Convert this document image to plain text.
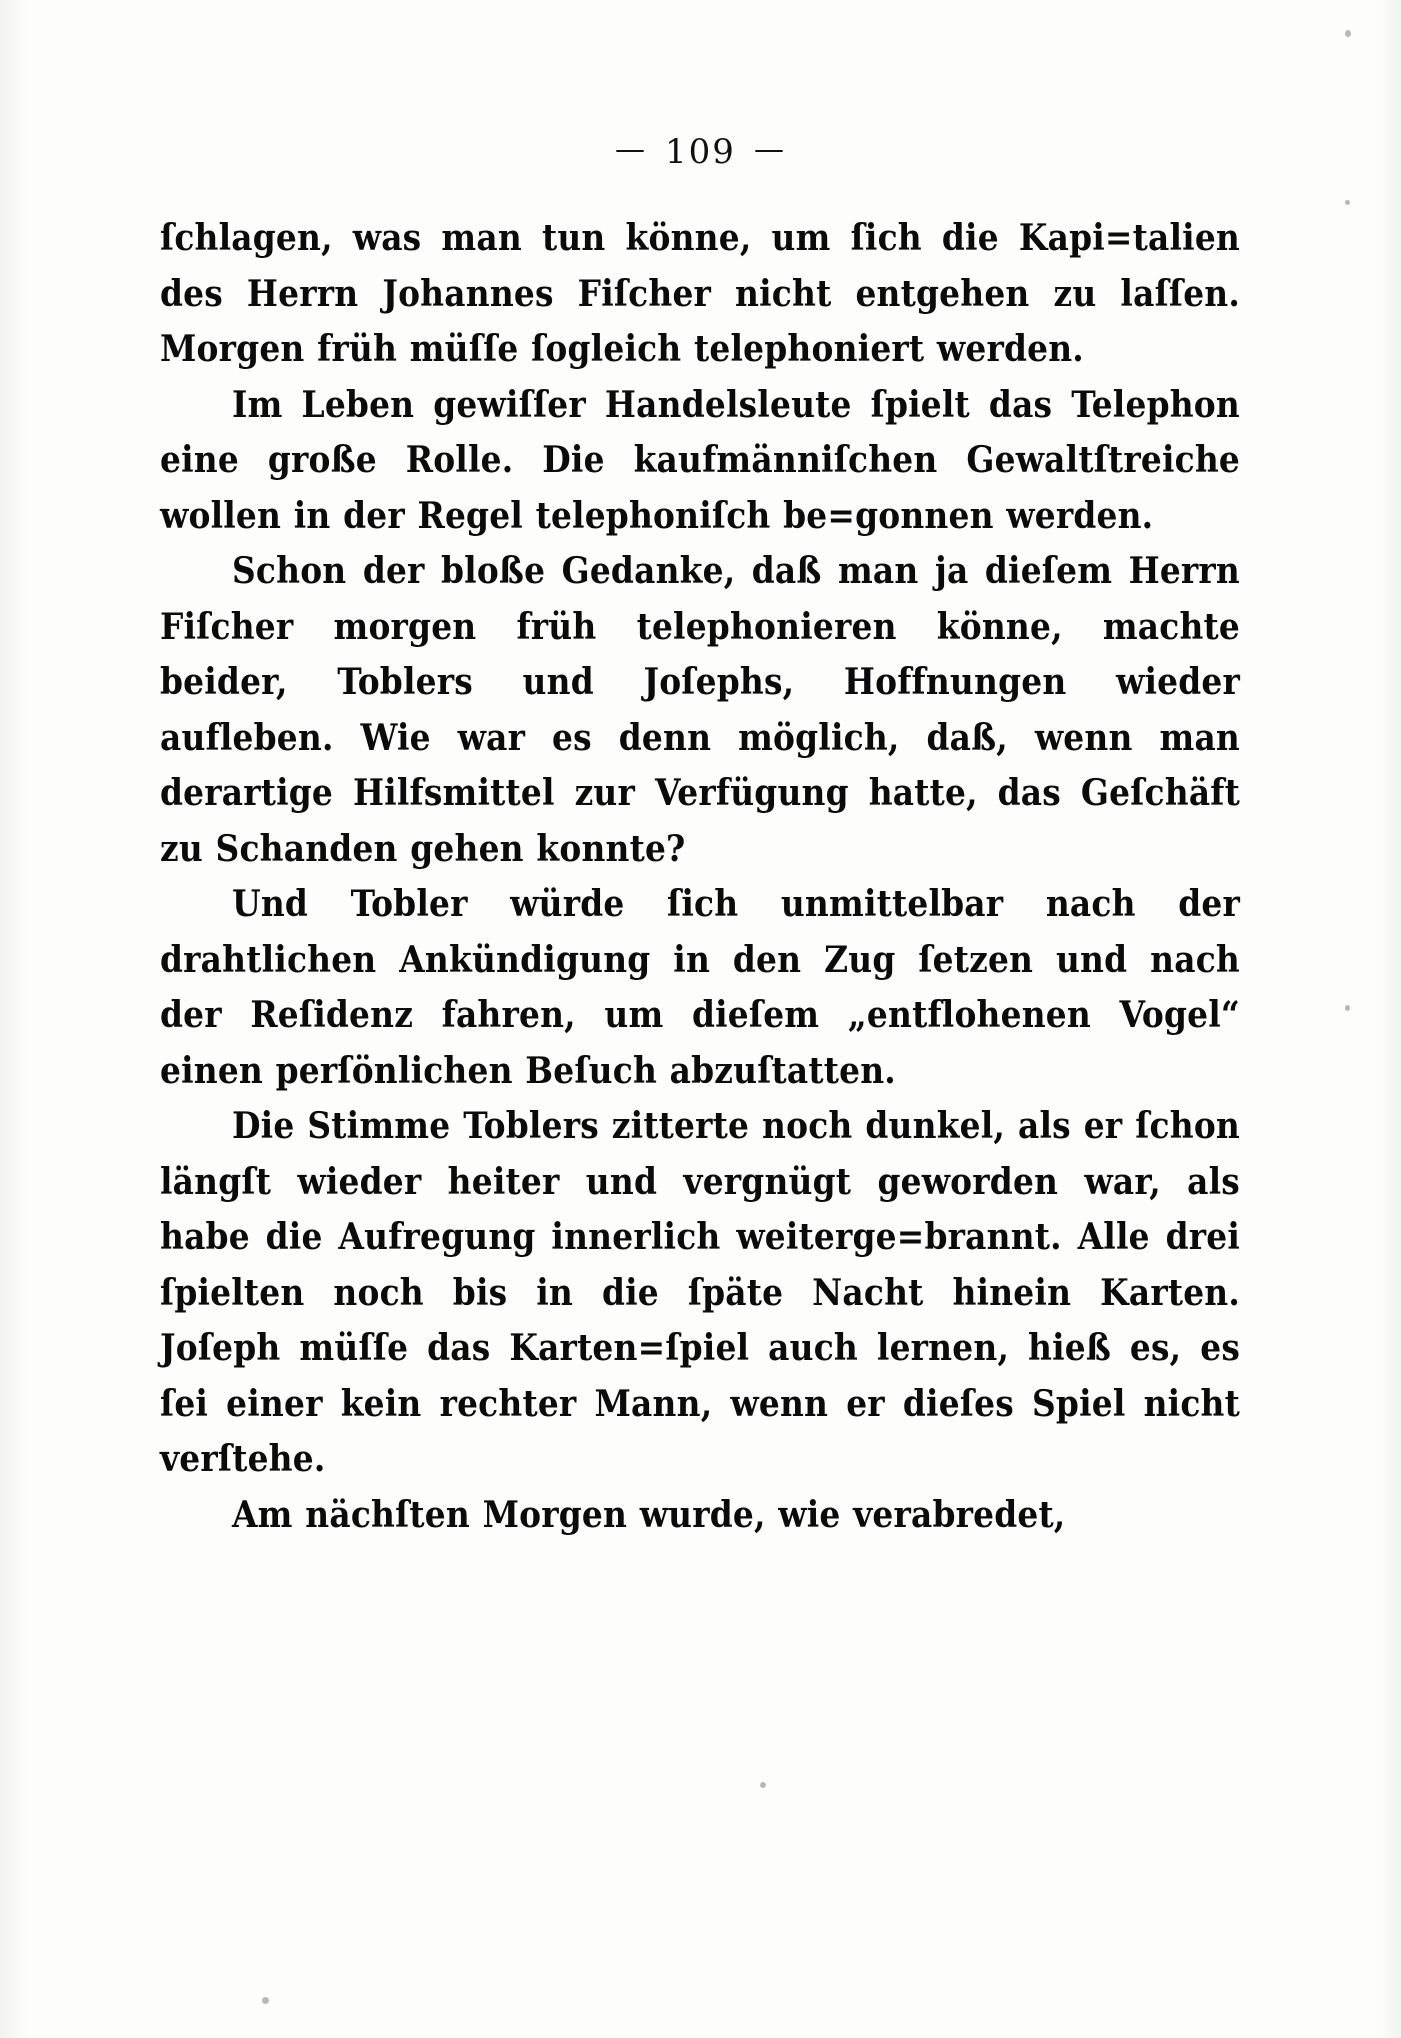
— 109 —

ſchlagen, was man tun könne, um ſich die Kapi=talien des Herrn Johannes Fiſcher nicht entgehen zu laſſen. Morgen früh müſſe ſogleich telephoniert werden.

Im Leben gewiſſer Handelsleute ſpielt das Telephon eine große Rolle. Die kaufmänniſchen Gewaltſtreiche wollen in der Regel telephoniſch be=gonnen werden.

Schon der bloße Gedanke, daß man ja dieſem Herrn Fiſcher morgen früh telephonieren könne, machte beider, Toblers und Joſephs, Hoffnungen wieder aufleben. Wie war es denn möglich, daß, wenn man derartige Hilfsmittel zur Verfügung hatte, das Geſchäft zu Schanden gehen konnte?

Und Tobler würde ſich unmittelbar nach der drahtlichen Ankündigung in den Zug ſetzen und nach der Reſidenz fahren, um dieſem „entflohenen Vogel“ einen perſönlichen Beſuch abzuſtatten.

Die Stimme Toblers zitterte noch dunkel, als er ſchon längſt wieder heiter und vergnügt geworden war, als habe die Aufregung innerlich weiterge=brannt. Alle drei ſpielten noch bis in die ſpäte Nacht hinein Karten. Joſeph müſſe das Karten=ſpiel auch lernen, hieß es, es ſei einer kein rechter Mann, wenn er dieſes Spiel nicht verſtehe.

Am nächſten Morgen wurde, wie verabredet,
